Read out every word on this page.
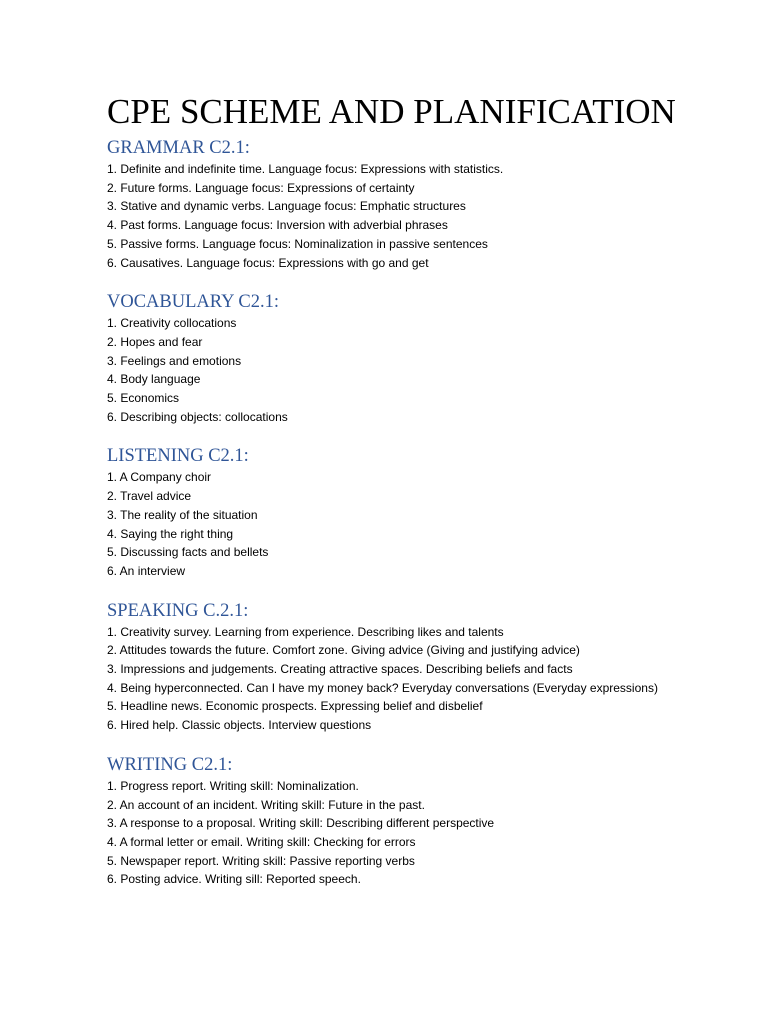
CPE SCHEME AND PLANIFICATION
GRAMMAR C2.1:
1. Definite and indefinite time. Language focus: Expressions with statistics.
2. Future forms. Language focus: Expressions of certainty
3. Stative and dynamic verbs. Language focus: Emphatic structures
4. Past forms. Language focus: Inversion with adverbial phrases
5. Passive forms. Language focus: Nominalization in passive sentences
6. Causatives. Language focus: Expressions with go and get
VOCABULARY C2.1:
1. Creativity collocations
2. Hopes and fear
3. Feelings and emotions
4. Body language
5. Economics
6. Describing objects: collocations
LISTENING C2.1:
1. A Company choir
2. Travel advice
3. The reality of the situation
4. Saying the right thing
5. Discussing facts and bellets
6. An interview
SPEAKING C.2.1:
1. Creativity survey. Learning from experience. Describing likes and talents
2. Attitudes towards the future. Comfort zone. Giving advice (Giving and justifying advice)
3. Impressions and judgements. Creating attractive spaces. Describing beliefs and facts
4. Being hyperconnected. Can I have my money back? Everyday conversations (Everyday expressions)
5. Headline news. Economic prospects. Expressing belief and disbelief
6. Hired help. Classic objects. Interview questions
WRITING C2.1:
1. Progress report. Writing skill: Nominalization.
2. An account of an incident. Writing skill: Future in the past.
3. A response to a proposal. Writing skill: Describing different perspective
4. A formal letter or email. Writing skill: Checking for errors
5. Newspaper report. Writing skill: Passive reporting verbs
6. Posting advice. Writing sill: Reported speech.
